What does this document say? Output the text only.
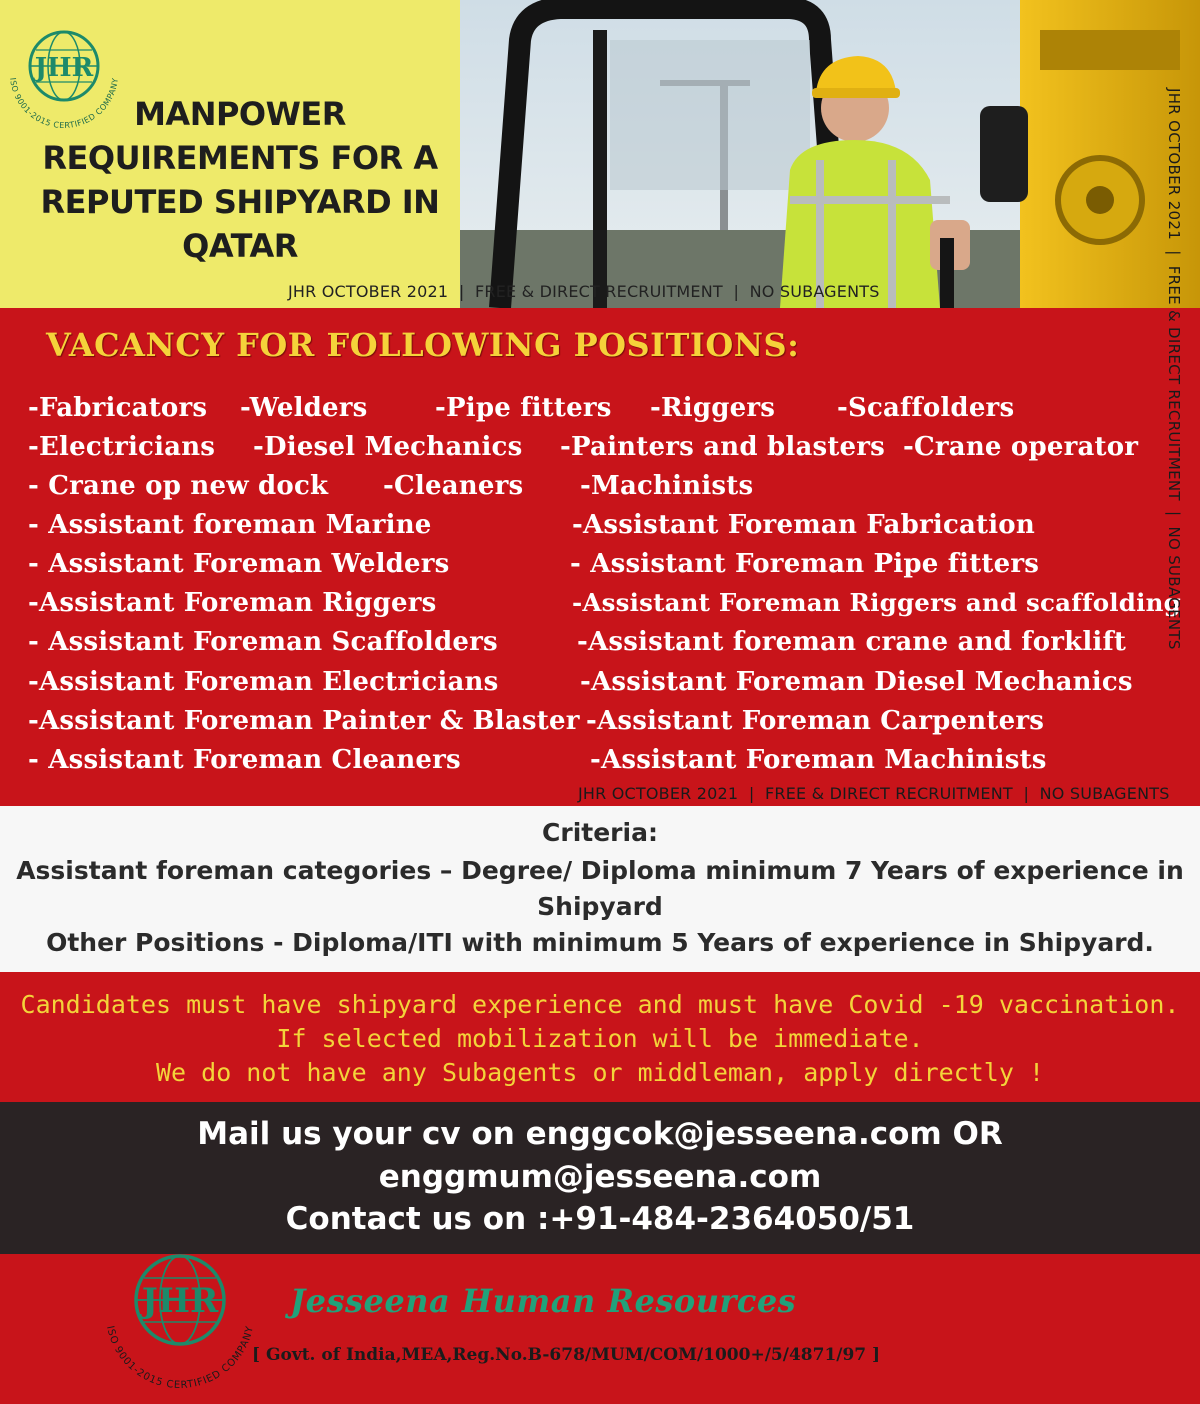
JHR
ISO 9001-2015 CERTIFIED COMPANY
MANPOWER
REQUIREMENTS FOR A
REPUTED SHIPYARD IN
QATAR
JHR OCTOBER 2021  |  FREE & DIRECT RECRUITMENT  |  NO SUBAGENTS
VACANCY FOR FOLLOWING POSITIONS:
-Fabricators -Welders	-Pipe fitters -Riggers -Scaffolders
-Electricians -Diesel Mechanics -Painters and blasters -Crane operator
- Crane op new dock -Cleaners -Machinists
- Assistant foreman Marine	-Assistant Foreman Fabrication
- Assistant Foreman Welders	- Assistant Foreman Pipe fitters
-Assistant Foreman Riggers	-Assistant Foreman Riggers and scaffolding
- Assistant Foreman Scaffolders	-Assistant foreman crane and forklift
-Assistant Foreman Electricians	-Assistant Foreman Diesel Mechanics
-Assistant Foreman Painter & Blaster -Assistant Foreman Carpenters
- Assistant Foreman Cleaners	-Assistant Foreman Machinists
JHR OCTOBER 2021  |  FREE & DIRECT RECRUITMENT  |  NO SUBAGENTS
JHR OCTOBER 2021  |  FREE & DIRECT RECRUITMENT  |  NO SUBAGENTS
Criteria:
Assistant foreman categories – Degree/ Diploma minimum 7 Years of experience in
Shipyard
Other Positions - Diploma/ITI with minimum 5 Years of experience in Shipyard.
Candidates must have shipyard experience and must have Covid -19 vaccination.
If selected mobilization will be immediate.
We do not have any Subagents or middleman, apply directly !
Mail us your cv on enggcok@jesseena.com OR
enggmum@jesseena.com
Contact us on :+91-484-2364050/51
JHR
ISO 9001-2015 CERTIFIED COMPANY
Jesseena Human Resources
[ Govt. of India,MEA,Reg.No.B-678/MUM/COM/1000+/5/4871/97 ]
